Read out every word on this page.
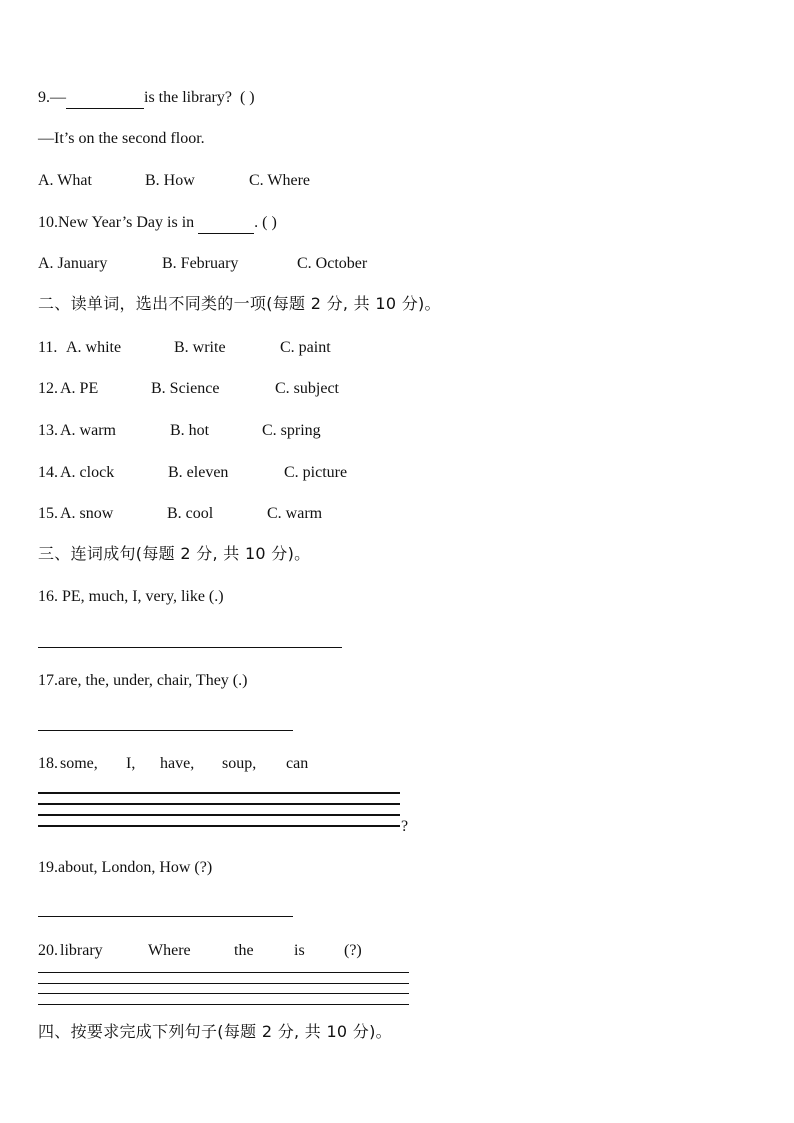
9.—	is the library? ( )
—It’s on the second floor.
A. What	B. How	C. Where
10.New Year’s Day is in	. ( )
A. January	B. February	C. October
二、读单词，选出不同类的一项(每题 2 分, 共 10 分)。
11. A. white	B. write	C. paint
12. A. PE	B. Science	C. subject
13. A. warm	B. hot	C. spring
14. A. clock	B. eleven	C. picture
15. A. snow	B. cool	C. warm
三、连词成句(每题 2 分, 共 10 分)。
16. PE, much, I, very, like (.)
17.are, the, under, chair, They (.)
18. some, I, have, soup, can
?
19.about, London, How (?)
20. library	Where	the	is (?)
四、按要求完成下列句子(每题 2 分, 共 10 分)。
